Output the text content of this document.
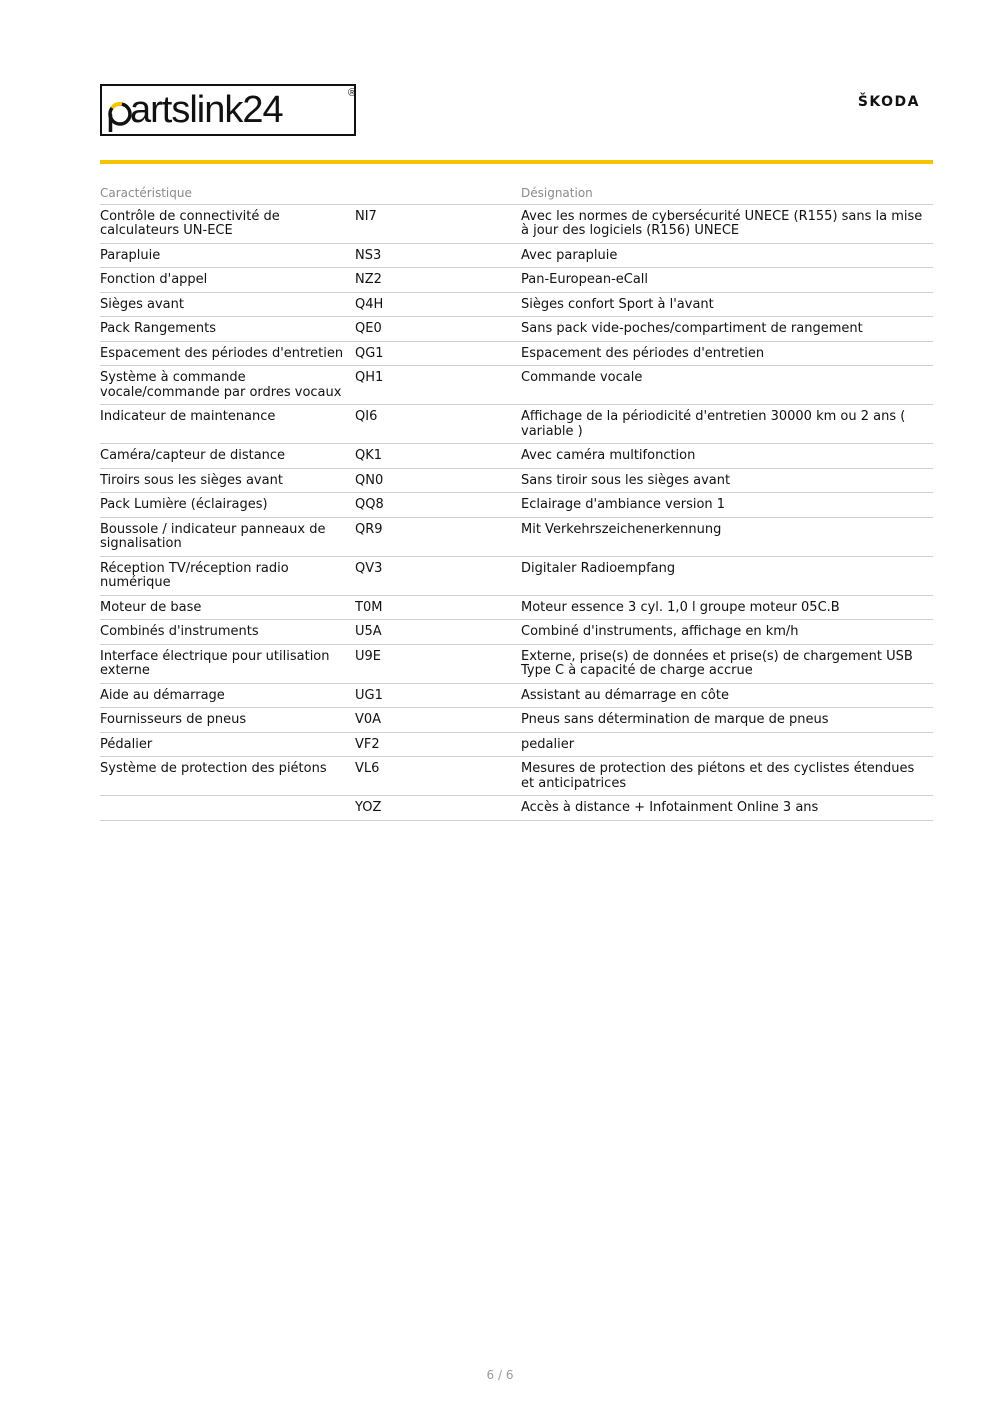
artslink24	®
ŠKODA
Caractéristique		Désignation
Contrôle de connectivité de calculateurs UN-ECE	NI7	Avec les normes de cybersécurité UNECE (R155) sans la mise à jour des logiciels (R156) UNECE
Parapluie	NS3	Avec parapluie
Fonction d'appel	NZ2	Pan-European-eCall
Sièges avant	Q4H	Sièges confort Sport à l'avant
Pack Rangements	QE0	Sans pack vide-poches/compartiment de rangement
Espacement des périodes d'entretien	QG1	Espacement des périodes d'entretien
Système à commande vocale/commande par ordres vocaux	QH1	Commande vocale
Indicateur de maintenance	QI6	Affichage de la périodicité d'entretien 30000 km ou 2 ans ( variable )
Caméra/capteur de distance	QK1	Avec caméra multifonction
Tiroirs sous les sièges avant	QN0	Sans tiroir sous les sièges avant
Pack Lumière (éclairages)	QQ8	Eclairage d'ambiance version 1
Boussole / indicateur panneaux de signalisation	QR9	Mit Verkehrszeichenerkennung
Réception TV/réception radio numérique	QV3	Digitaler Radioempfang
Moteur de base	T0M	Moteur essence 3 cyl. 1,0 l groupe moteur 05C.B
Combinés d'instruments	U5A	Combiné d'instruments, affichage en km/h
Interface électrique pour utilisation externe	U9E	Externe, prise(s) de données et prise(s) de chargement USB Type C à capacité de charge accrue
Aide au démarrage	UG1	Assistant au démarrage en côte
Fournisseurs de pneus	V0A	Pneus sans détermination de marque de pneus
Pédalier	VF2	pedalier
Système de protection des piétons	VL6	Mesures de protection des piétons et des cyclistes étendues et anticipatrices
	YOZ	Accès à distance + Infotainment Online 3 ans
6 / 6
